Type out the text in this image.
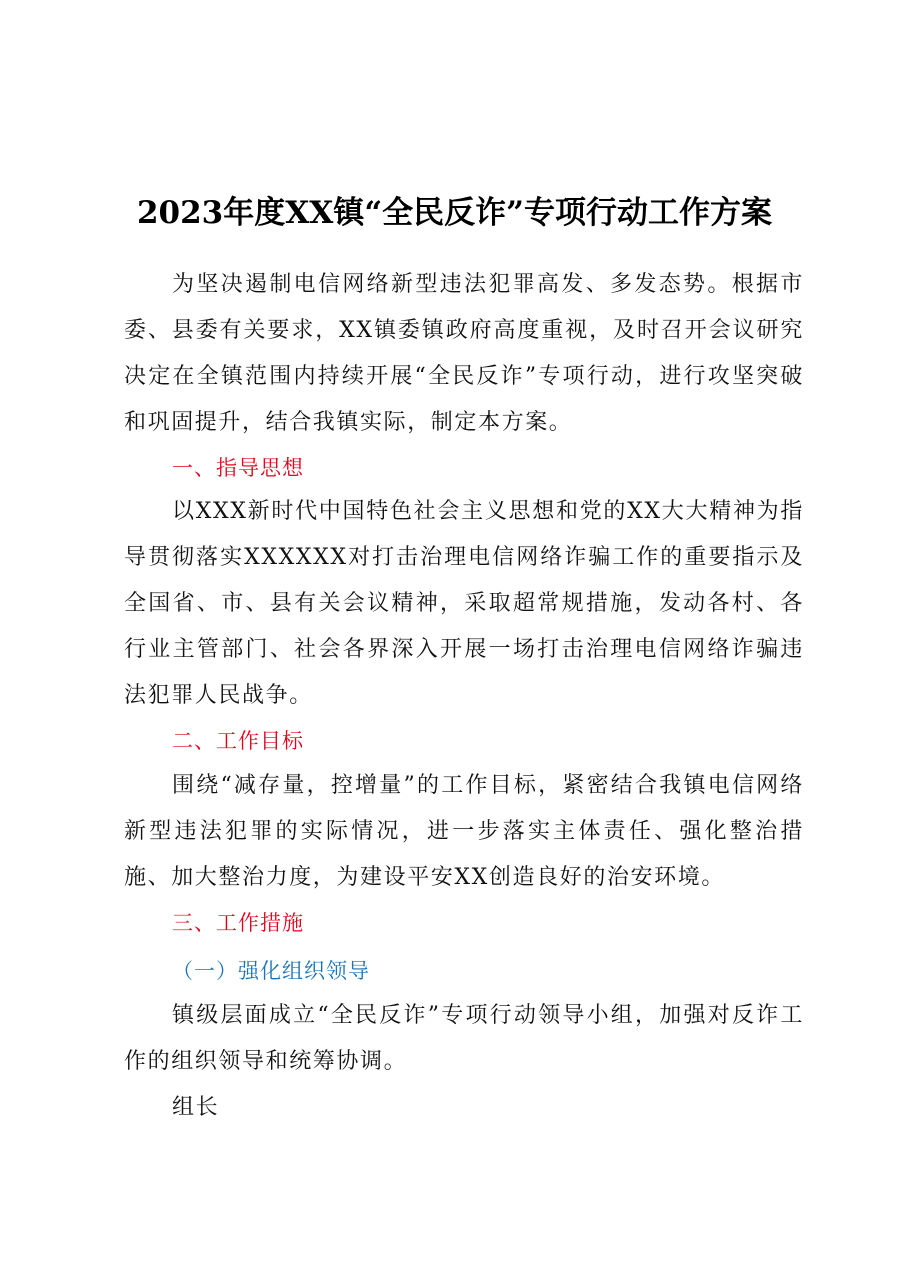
2023年度XX镇“全民反诈”专项行动工作方案

为坚决遏制电信网络新型违法犯罪高发、多发态势。根据市委、县委有关要求，XX镇委镇政府高度重视，及时召开会议研究决定在全镇范围内持续开展“全民反诈”专项行动，进行攻坚突破和巩固提升，结合我镇实际，制定本方案。

一、指导思想

以XXX新时代中国特色社会主义思想和党的XX大大精神为指导贯彻落实XXXXXX对打击治理电信网络诈骗工作的重要指示及全国省、市、县有关会议精神，采取超常规措施，发动各村、各行业主管部门、社会各界深入开展一场打击治理电信网络诈骗违法犯罪人民战争。

二、工作目标

围绕“减存量，控增量”的工作目标，紧密结合我镇电信网络新型违法犯罪的实际情况，进一步落实主体责任、强化整治措施、加大整治力度，为建设平安XX创造良好的治安环境。

三、工作措施

（一）强化组织领导

镇级层面成立“全民反诈”专项行动领导小组，加强对反诈工作的组织领导和统筹协调。

组长
